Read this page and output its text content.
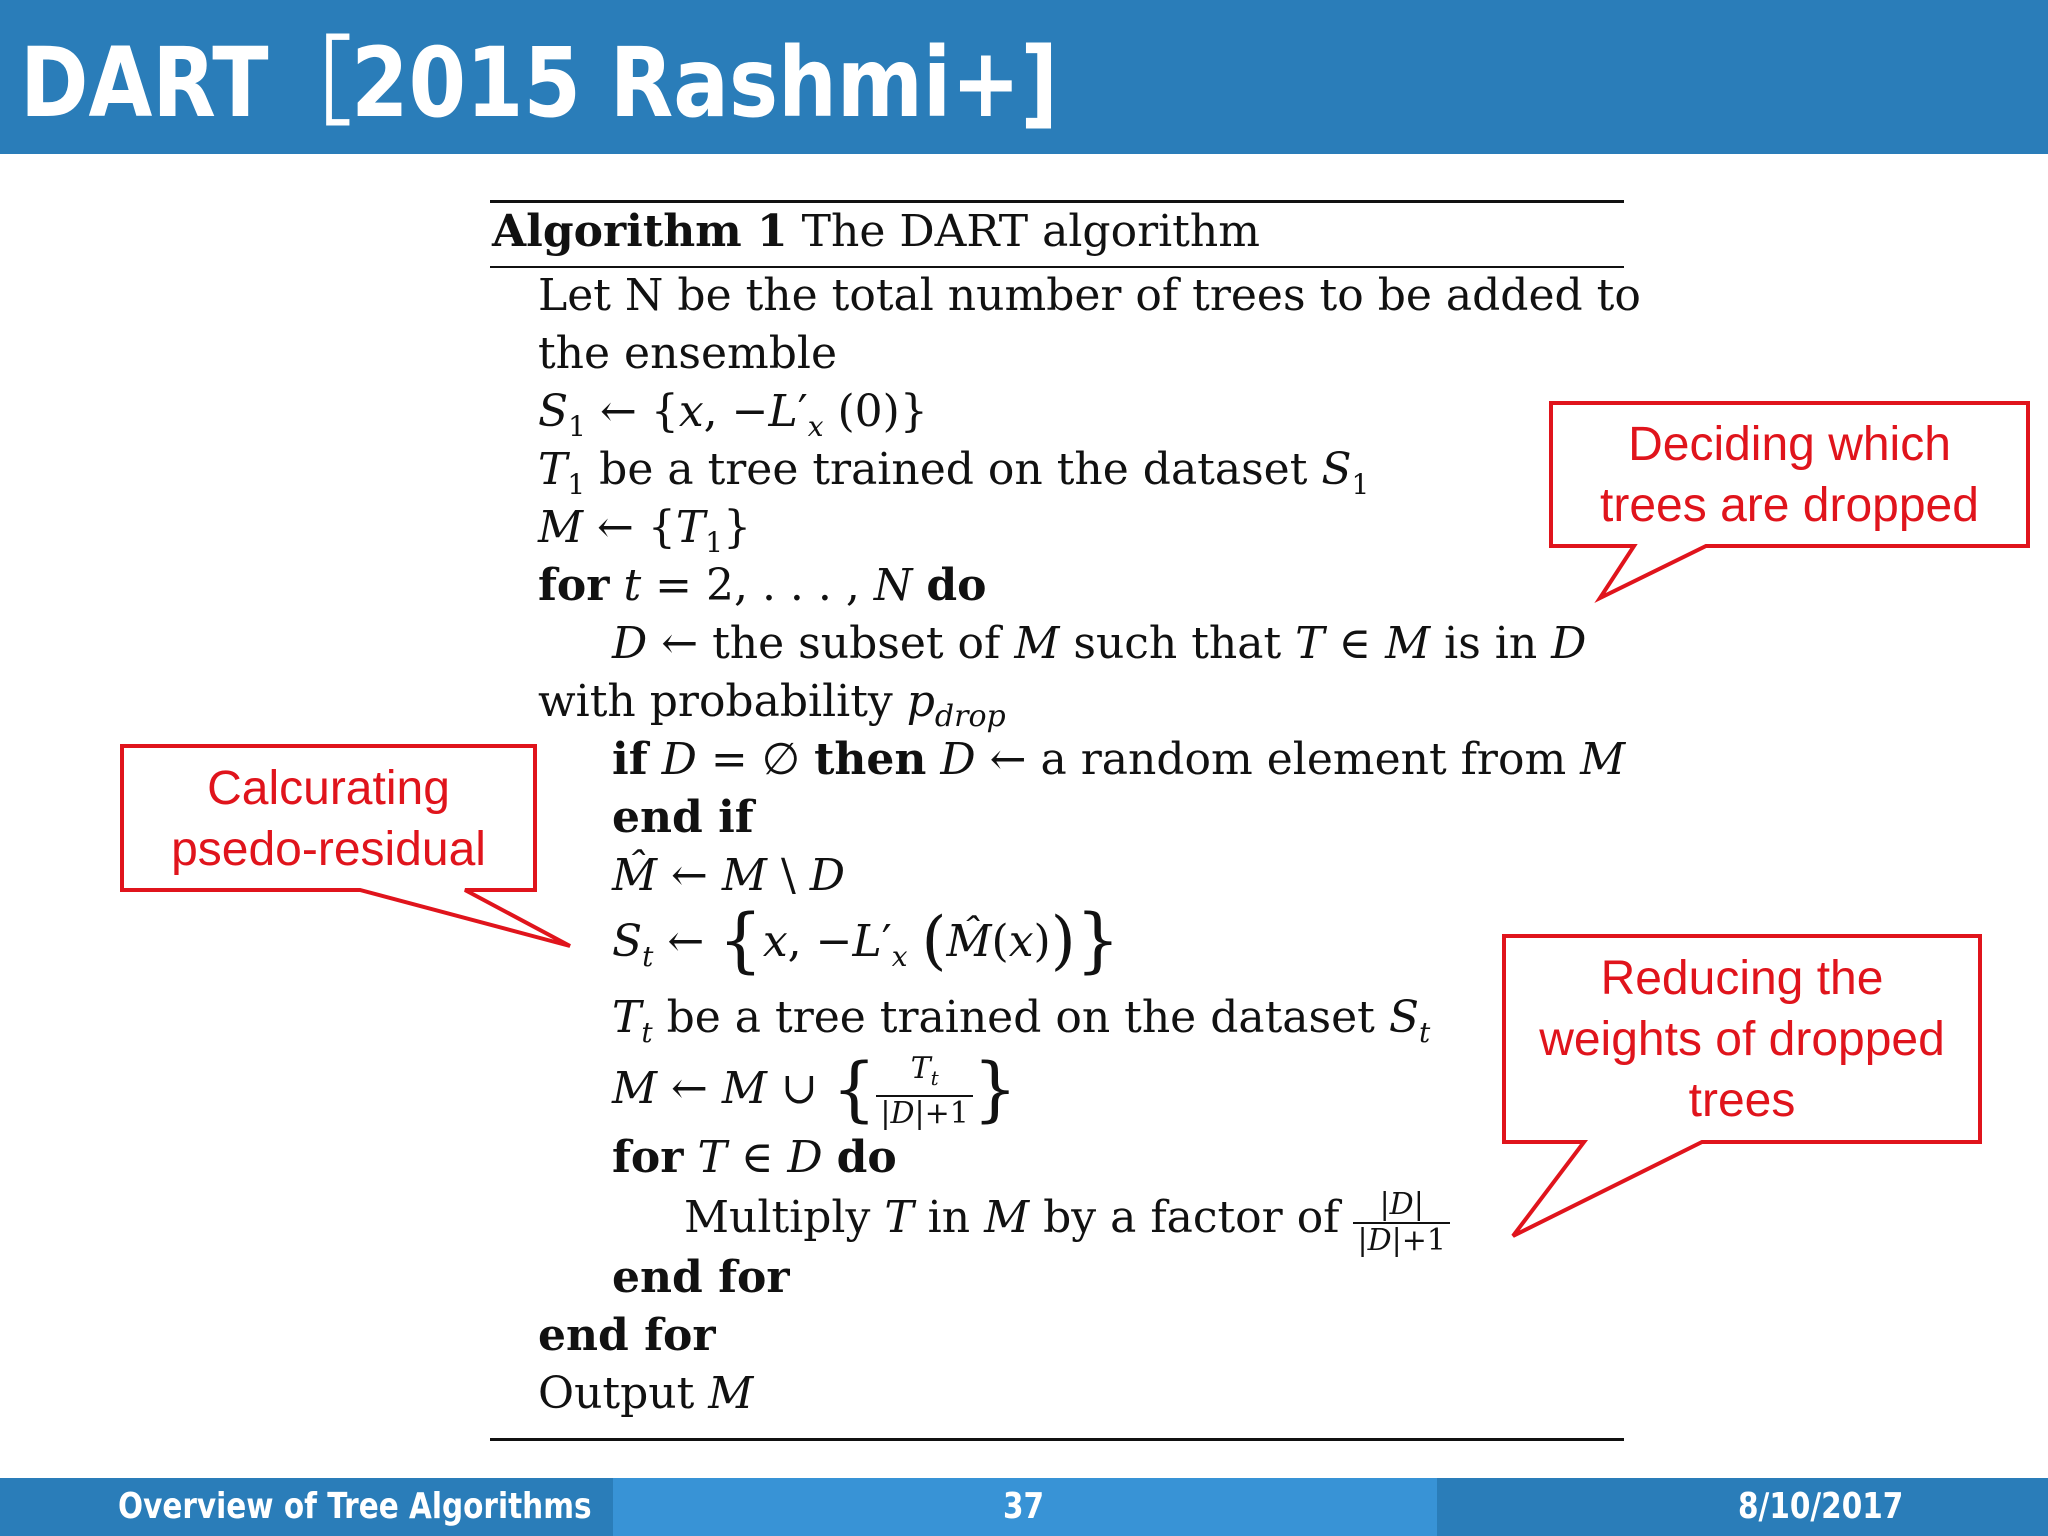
DART［2015 Rashmi+]
Algorithm 1 The DART algorithm
Let N be the total number of trees to be added to
the ensemble
$S_1$ ← {x, $-L'_x$ (0)}
$T_1$ be a tree trained on the dataset $S_1$
M ← $\{T_1\}$
for t = 2, . . . , N do
D ← the subset of M such that T ∈ M is in D
with probability $p_{drop}$
if D = ∅ then D ← a random element from M
end if
M̂ ← M \ D
$S_t$ ← {x, $-L'_x$ (M̂(x))}
$T_t$ be a tree trained on the dataset $S_t$
M ← M ∪ { $\frac{T_t}{|D|+1}$ }
for T ∈ D do
Multiply T in M by a factor of $\frac{|D|}{|D|+1}$
end for
end for
Output M
Deciding which
trees are dropped
Calcurating
psedo-residual
Reducing the
weights of dropped
trees
Overview of Tree Algorithms	37	8/10/2017
